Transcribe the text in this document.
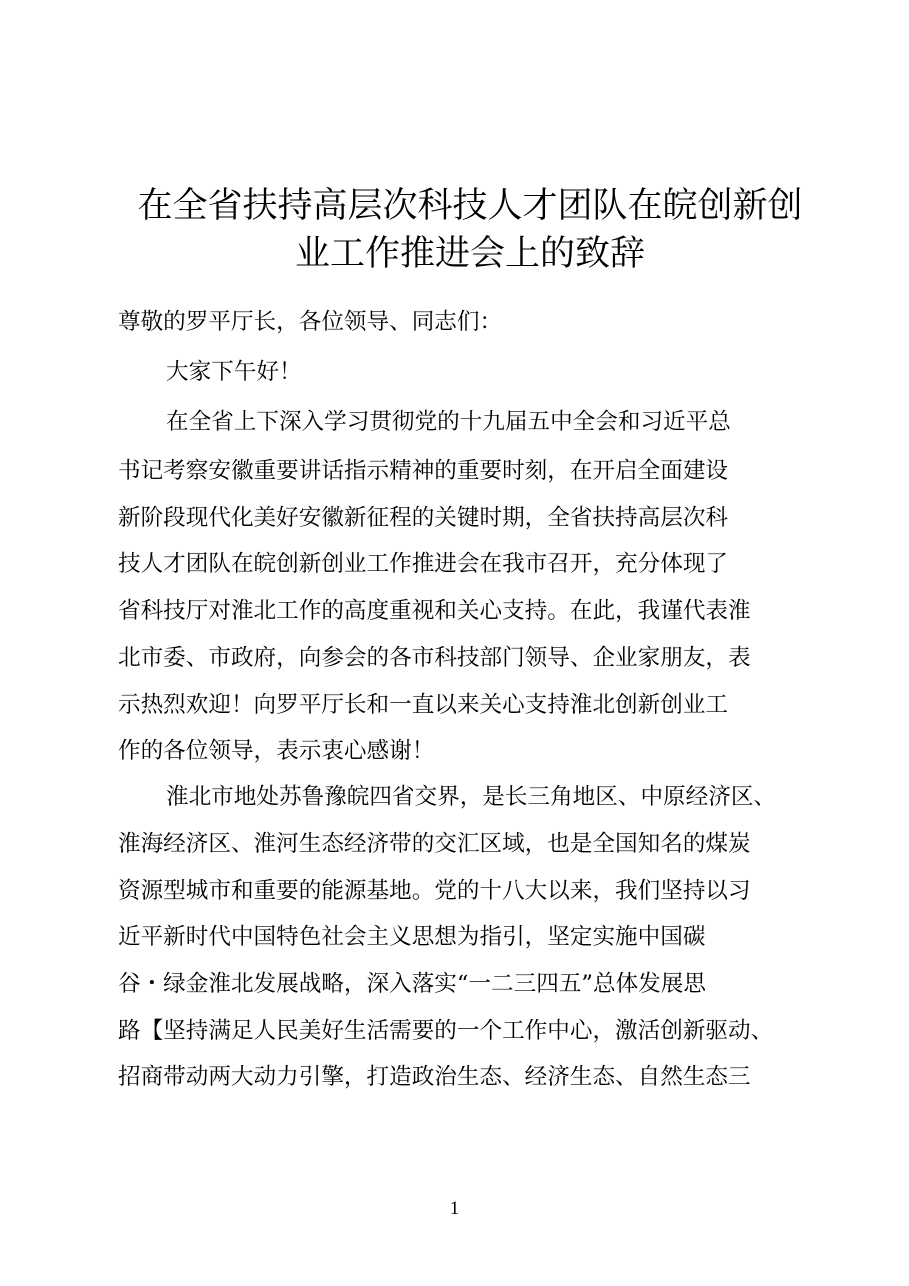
在全省扶持高层次科技人才团队在皖创新创
业工作推进会上的致辞
尊敬的罗平厅长，各位领导、同志们：
大家下午好！
在全省上下深入学习贯彻党的十九届五中全会和习近平总
书记考察安徽重要讲话指示精神的重要时刻，在开启全面建设
新阶段现代化美好安徽新征程的关键时期，全省扶持高层次科
技人才团队在皖创新创业工作推进会在我市召开，充分体现了
省科技厅对淮北工作的高度重视和关心支持。在此，我谨代表淮
北市委、市政府，向参会的各市科技部门领导、企业家朋友，表
示热烈欢迎！向罗平厅长和一直以来关心支持淮北创新创业工
作的各位领导，表示衷心感谢！
淮北市地处苏鲁豫皖四省交界，是长三角地区、中原经济区、
淮海经济区、淮河生态经济带的交汇区域，也是全国知名的煤炭
资源型城市和重要的能源基地。党的十八大以来，我们坚持以习
近平新时代中国特色社会主义思想为指引，坚定实施中国碳
谷・绿金淮北发展战略，深入落实“一二三四五”总体发展思
路【坚持满足人民美好生活需要的一个工作中心，激活创新驱动、
招商带动两大动力引擎，打造政治生态、经济生态、自然生态三
1
